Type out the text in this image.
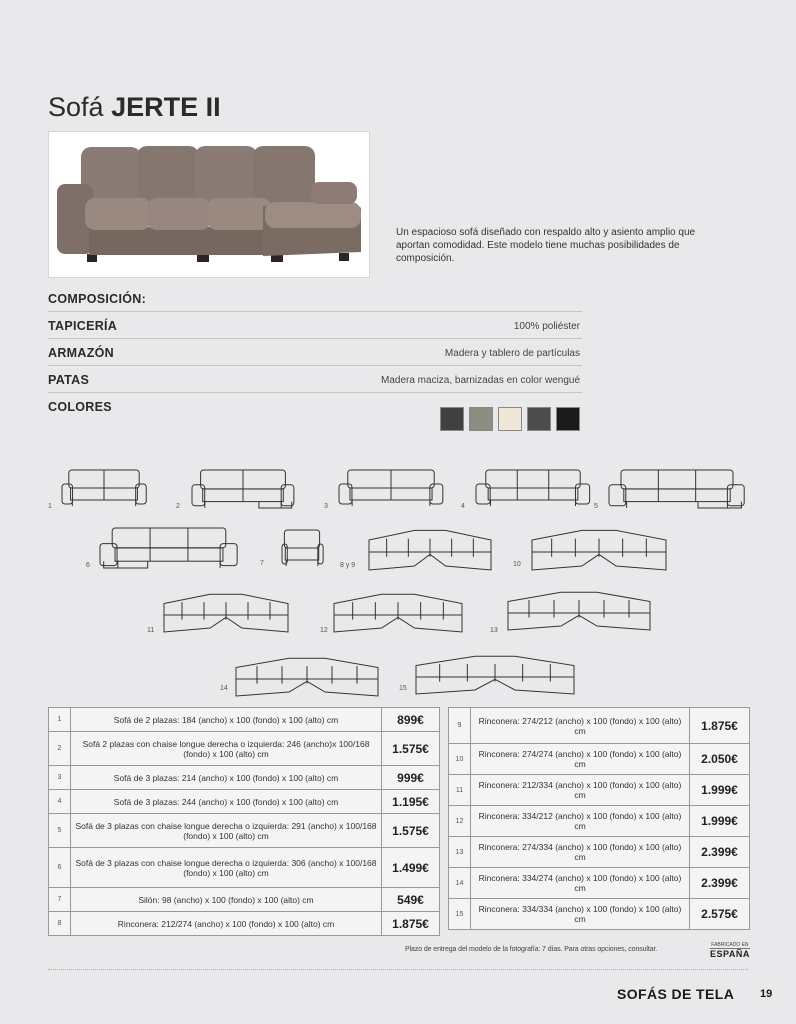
Sofá JERTE II
Un espacioso sofá diseñado con respaldo alto y asiento amplio que aportan comodidad. Este modelo tiene muchas posibilidades de composición.
COMPOSICIÓN:
TAPICERÍA	100% poliéster
ARMAZÓN	Madera y tablero de partículas
PATAS	Madera maciza, barnizadas en color wengué
COLORES
1	2	3	4	5
6	7	8 y 9	10
11	12	13
14	15
1	Sofá de 2 plazas: 184 (ancho) x 100 (fondo) x 100 (alto) cm	899€
2	Sofá 2 plazas con chaise longue derecha o izquierda: 246 (ancho)x 100/168 (fondo) x 100 (alto) cm	1.575€
3	Sofá de 3 plazas: 214 (ancho) x 100 (fondo) x 100 (alto) cm	999€
4	Sofá de 3 plazas: 244 (ancho) x 100 (fondo) x 100 (alto) cm	1.195€
5	Sofá de 3 plazas con chaise longue derecha o izquierda: 291 (ancho) x 100/168 (fondo) x 100 (alto) cm	1.575€
6	Sofá de 3 plazas con chaise longue derecha o izquierda: 306 (ancho) x 100/168 (fondo) x 100 (alto) cm	1.499€
7	Silón: 98 (ancho) x 100 (fondo) x 100 (alto) cm	549€
8	Rinconera: 212/274 (ancho) x 100 (fondo) x 100 (alto) cm	1.875€
9	Rinconera: 274/212 (ancho) x 100 (fondo) x 100 (alto) cm	1.875€
10	Rinconera: 274/274 (ancho) x 100 (fondo) x 100 (alto) cm	2.050€
11	Rinconera: 212/334 (ancho) x 100 (fondo) x 100 (alto) cm	1.999€
12	Rinconera: 334/212 (ancho) x 100 (fondo) x 100 (alto) cm	1.999€
13	Rinconera: 274/334 (ancho) x 100 (fondo) x 100 (alto) cm	2.399€
14	Rinconera: 334/274 (ancho) x 100 (fondo) x 100 (alto) cm	2.399€
15	Rinconera: 334/334 (ancho) x 100 (fondo) x 100 (alto) cm	2.575€
Plazo de entrega del modelo de la fotografía: 7 días. Para otras opciones, consultar.
FABRICADO EN
ESPAÑA
SOFÁS DE TELA 19
